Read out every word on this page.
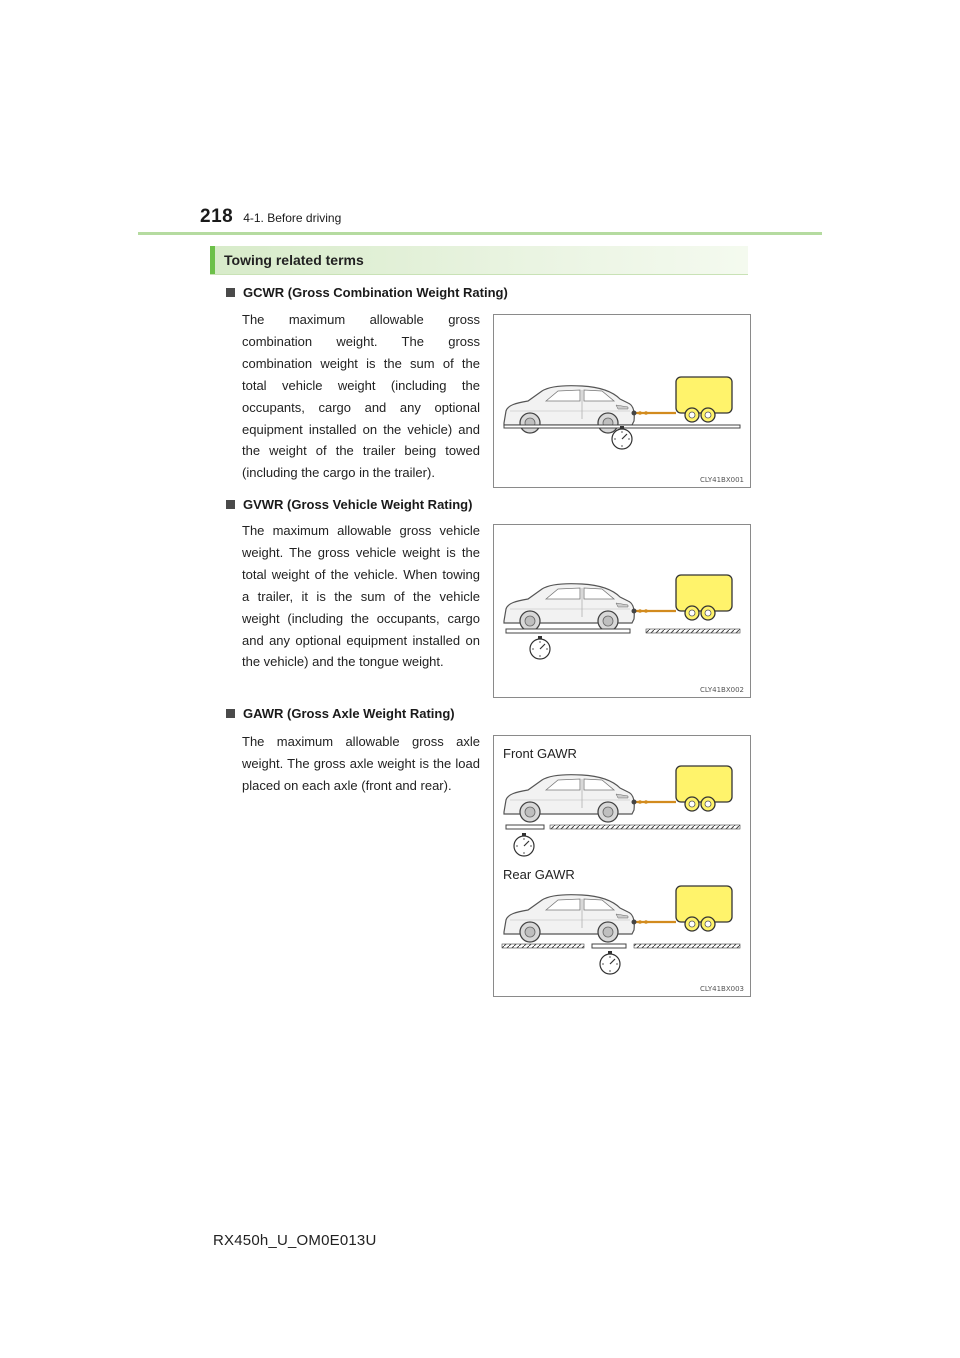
218 4-1. Before driving
Towing related terms
GCWR (Gross Combination Weight Rating)
The maximum allowable gross combination weight. The gross combination weight is the sum of the total vehicle weight (including the occupants, cargo and any optional equipment installed on the vehicle) and the weight of the trailer being towed (including the cargo in the trailer).	CLY41BX001
GVWR (Gross Vehicle Weight Rating)
The maximum allowable gross vehicle weight. The gross vehicle weight is the total weight of the vehicle. When towing a trailer, it is the sum of the vehicle weight (including the occupants, cargo and any optional equipment installed on the vehicle) and the tongue weight.
CLY41BX002
GAWR (Gross Axle Weight Rating)
The maximum allowable gross axle weight. The gross axle weight is the load placed on each axle (front and rear).
Front GAWR
Rear GAWR
CLY41BX003
RX450h_U_OM0E013U
